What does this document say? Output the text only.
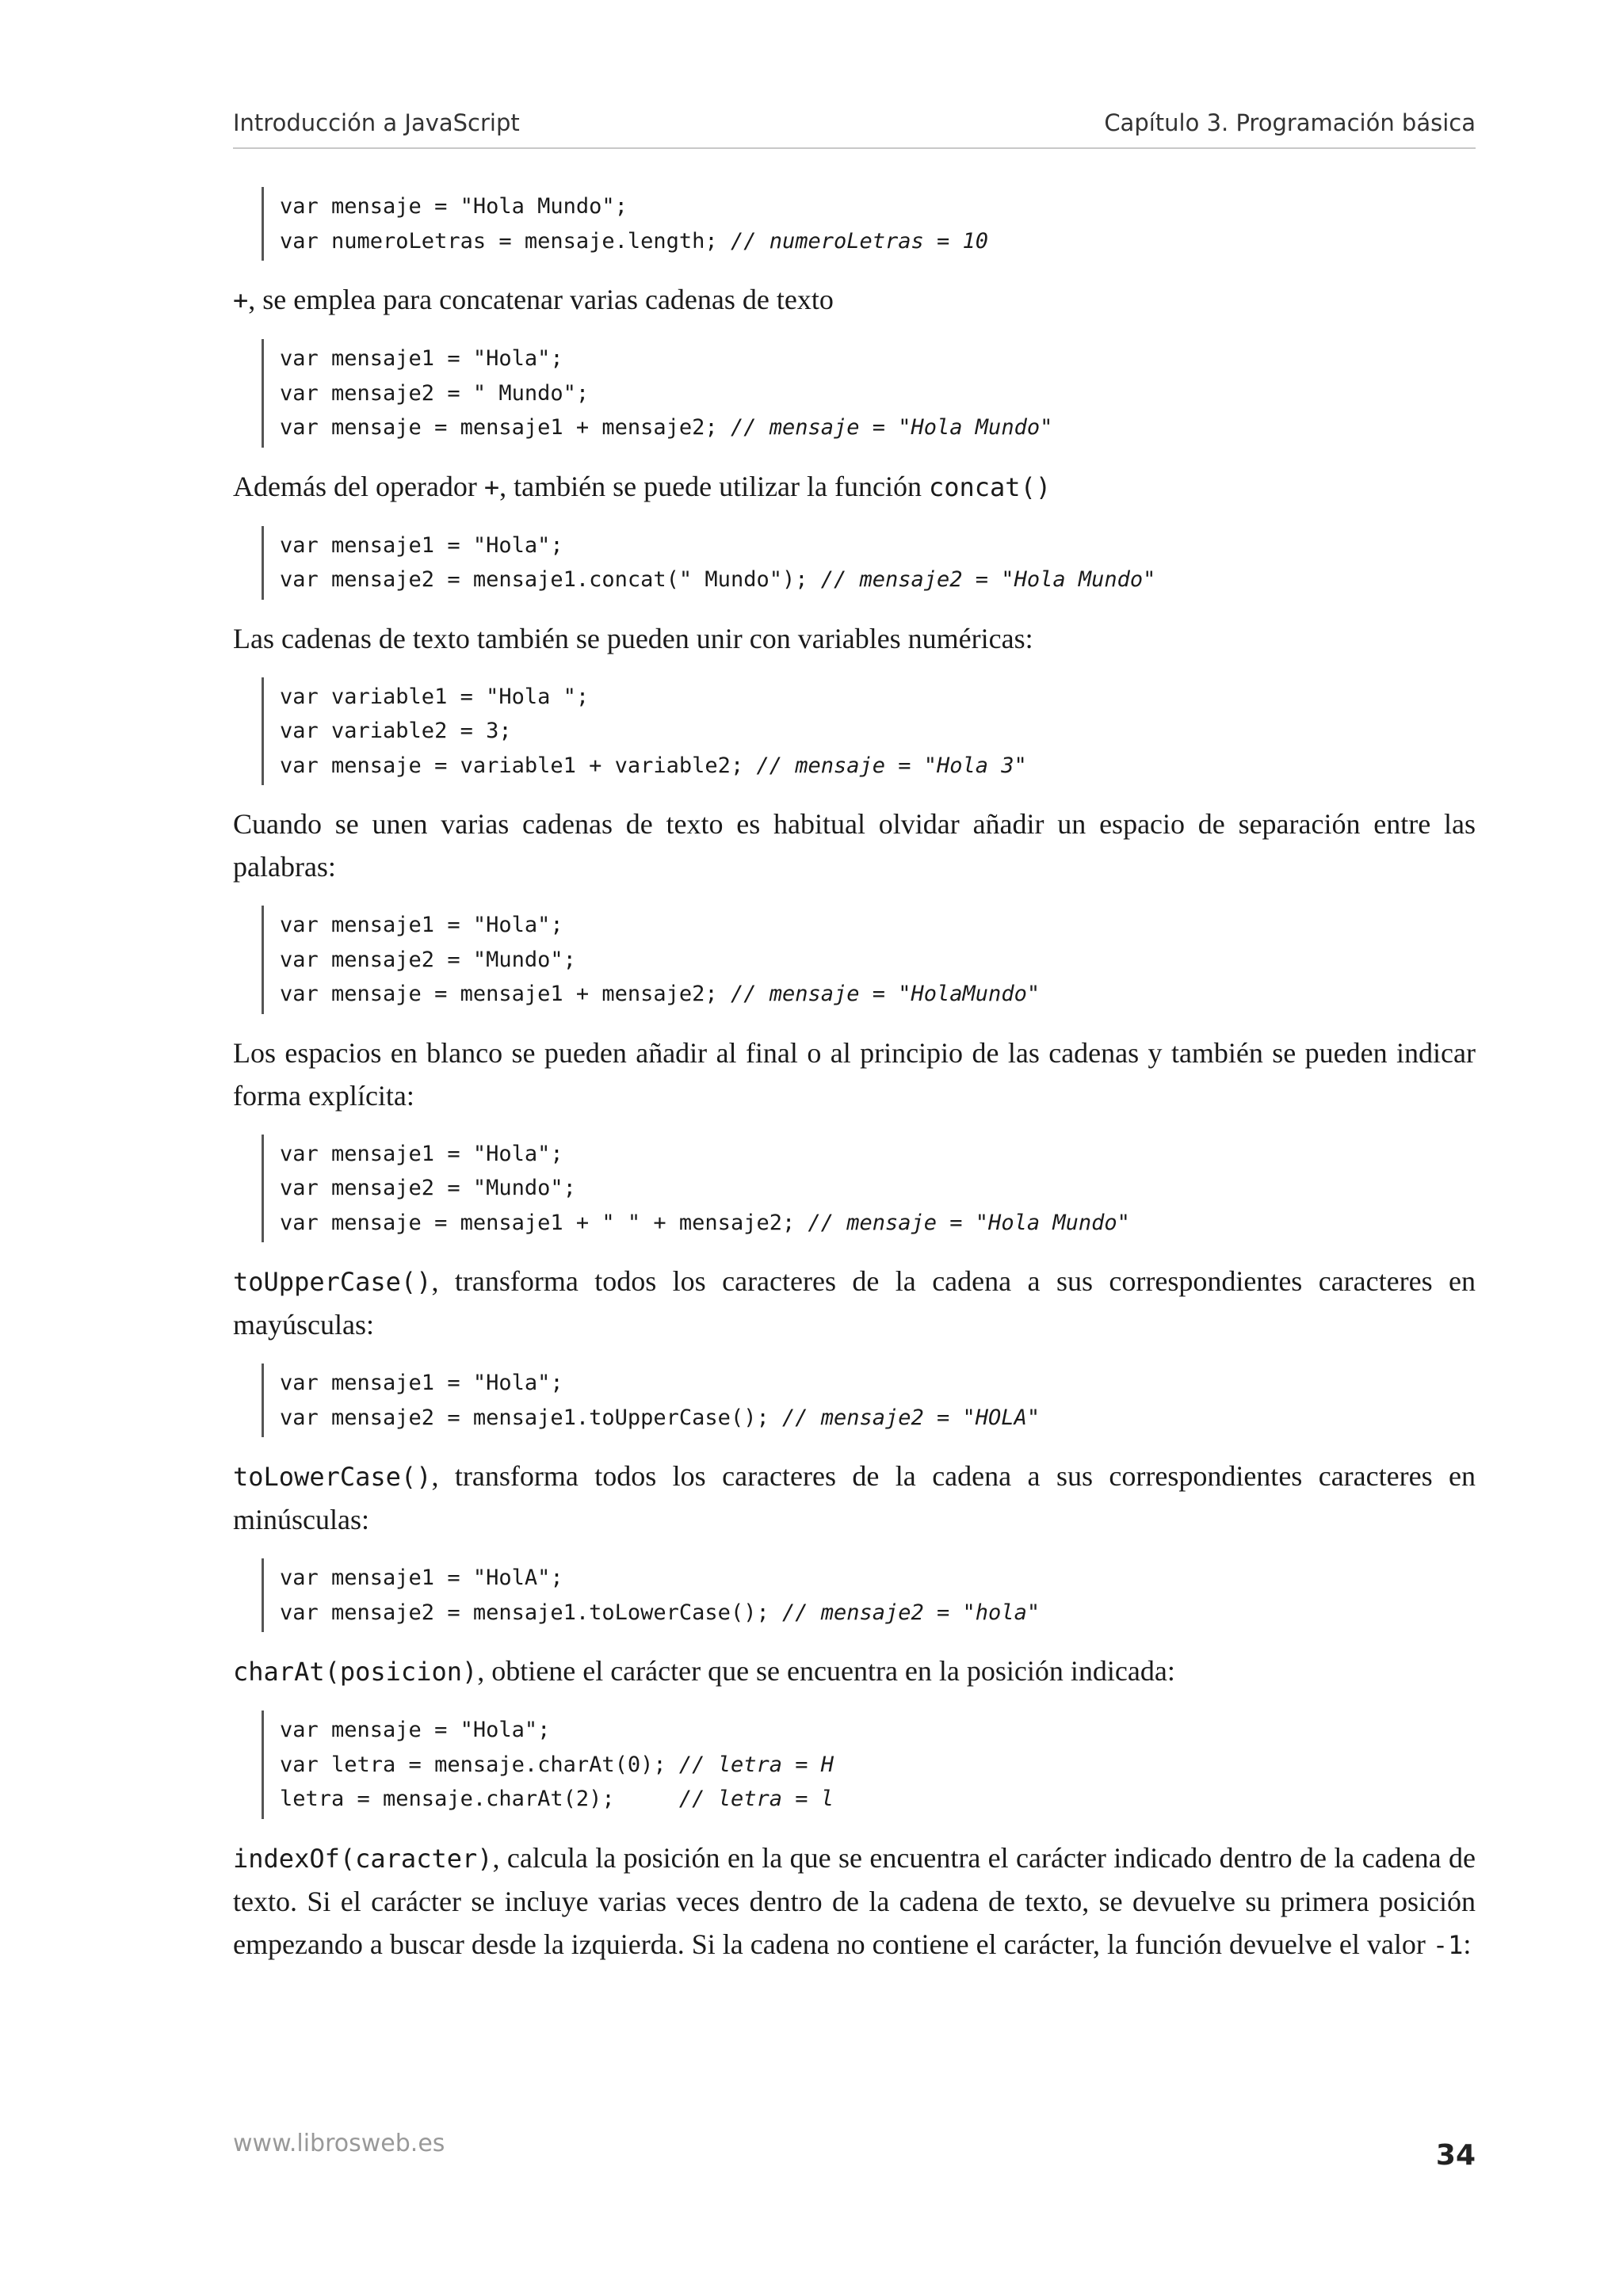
Introducción a JavaScript	Capítulo 3. Programación básica
var mensaje = "Hola Mundo";
var numeroLetras = mensaje.length; // numeroLetras = 10

+, se emplea para concatenar varias cadenas de texto

var mensaje1 = "Hola";
var mensaje2 = " Mundo";
var mensaje = mensaje1 + mensaje2; // mensaje = "Hola Mundo"

Además del operador +, también se puede utilizar la función concat()

var mensaje1 = "Hola";
var mensaje2 = mensaje1.concat(" Mundo"); // mensaje2 = "Hola Mundo"

Las cadenas de texto también se pueden unir con variables numéricas:

var variable1 = "Hola ";
var variable2 = 3;
var mensaje = variable1 + variable2; // mensaje = "Hola 3"

Cuando se unen varias cadenas de texto es habitual olvidar añadir un espacio de separación entre las palabras:

var mensaje1 = "Hola";
var mensaje2 = "Mundo";
var mensaje = mensaje1 + mensaje2; // mensaje = "HolaMundo"

Los espacios en blanco se pueden añadir al final o al principio de las cadenas y también se pueden indicar forma explícita:

var mensaje1 = "Hola";
var mensaje2 = "Mundo";
var mensaje = mensaje1 + " " + mensaje2; // mensaje = "Hola Mundo"

toUpperCase(), transforma todos los caracteres de la cadena a sus correspondientes caracteres en mayúsculas:

var mensaje1 = "Hola";
var mensaje2 = mensaje1.toUpperCase(); // mensaje2 = "HOLA"

toLowerCase(), transforma todos los caracteres de la cadena a sus correspondientes caracteres en minúsculas:

var mensaje1 = "HolA";
var mensaje2 = mensaje1.toLowerCase(); // mensaje2 = "hola"

charAt(posicion), obtiene el carácter que se encuentra en la posición indicada:

var mensaje = "Hola";
var letra = mensaje.charAt(0); // letra = H
letra = mensaje.charAt(2);     // letra = l

indexOf(caracter), calcula la posición en la que se encuentra el carácter indicado dentro de la cadena de texto. Si el carácter se incluye varias veces dentro de la cadena de texto, se devuelve su primera posición empezando a buscar desde la izquierda. Si la cadena no contiene el carácter, la función devuelve el valor -1:

www.librosweb.es	34
